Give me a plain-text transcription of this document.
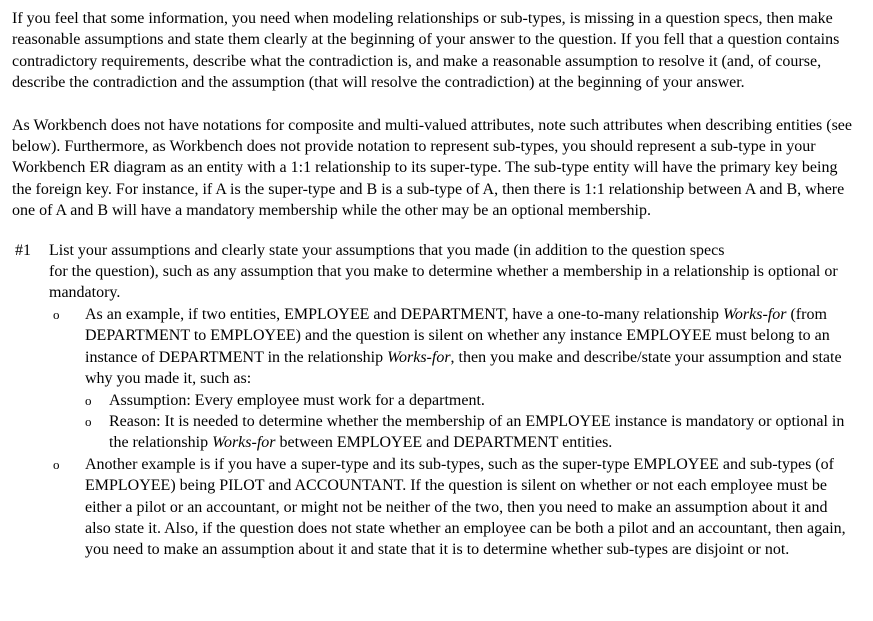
If you feel that some information, you need when modeling relationships or sub-types, is missing in a question specs, then make reasonable assumptions and state them clearly at the beginning of your answer to the question. If you fell that a question contains contradictory requirements, describe what the contradiction is, and make a reasonable assumption to resolve it (and, of course, describe the contradiction and the assumption (that will resolve the contradiction) at the beginning of your answer.

As Workbench does not have notations for composite and multi-valued attributes, note such attributes when describing entities (see below). Furthermore, as Workbench does not provide notation to represent sub-types, you should represent a sub-type in your Workbench ER diagram as an entity with a 1:1 relationship to its super-type. The sub-type entity will have the primary key being the foreign key. For instance, if A is the super-type and B is a sub-type of A, then there is 1:1 relationship between A and B, where one of A and B will have a mandatory membership while the other may be an optional membership.

#1	List your assumptions and clearly state your assumptions that you made (in addition to the question specs
for the question), such as any assumption that you make to determine whether a membership in a relationship is optional or mandatory.
o As an example, if two entities, EMPLOYEE and DEPARTMENT, have a one-to-many relationship Works-for (from DEPARTMENT to EMPLOYEE) and the question is silent on whether any instance EMPLOYEE must belong to an instance of DEPARTMENT in the relationship Works-for, then you make and describe/state your assumption and state why you made it, such as:
o Assumption: Every employee must work for a department.
o Reason: It is needed to determine whether the membership of an EMPLOYEE instance is mandatory or optional in the relationship Works-for between EMPLOYEE and DEPARTMENT entities.
o Another example is if you have a super-type and its sub-types, such as the super-type EMPLOYEE and sub-types (of EMPLOYEE) being PILOT and ACCOUNTANT. If the question is silent on whether or not each employee must be either a pilot or an accountant, or might not be neither of the two, then you need to make an assumption about it and also state it. Also, if the question does not state whether an employee can be both a pilot and an accountant, then again, you need to make an assumption about it and state that it is to determine whether sub-types are disjoint or not.
